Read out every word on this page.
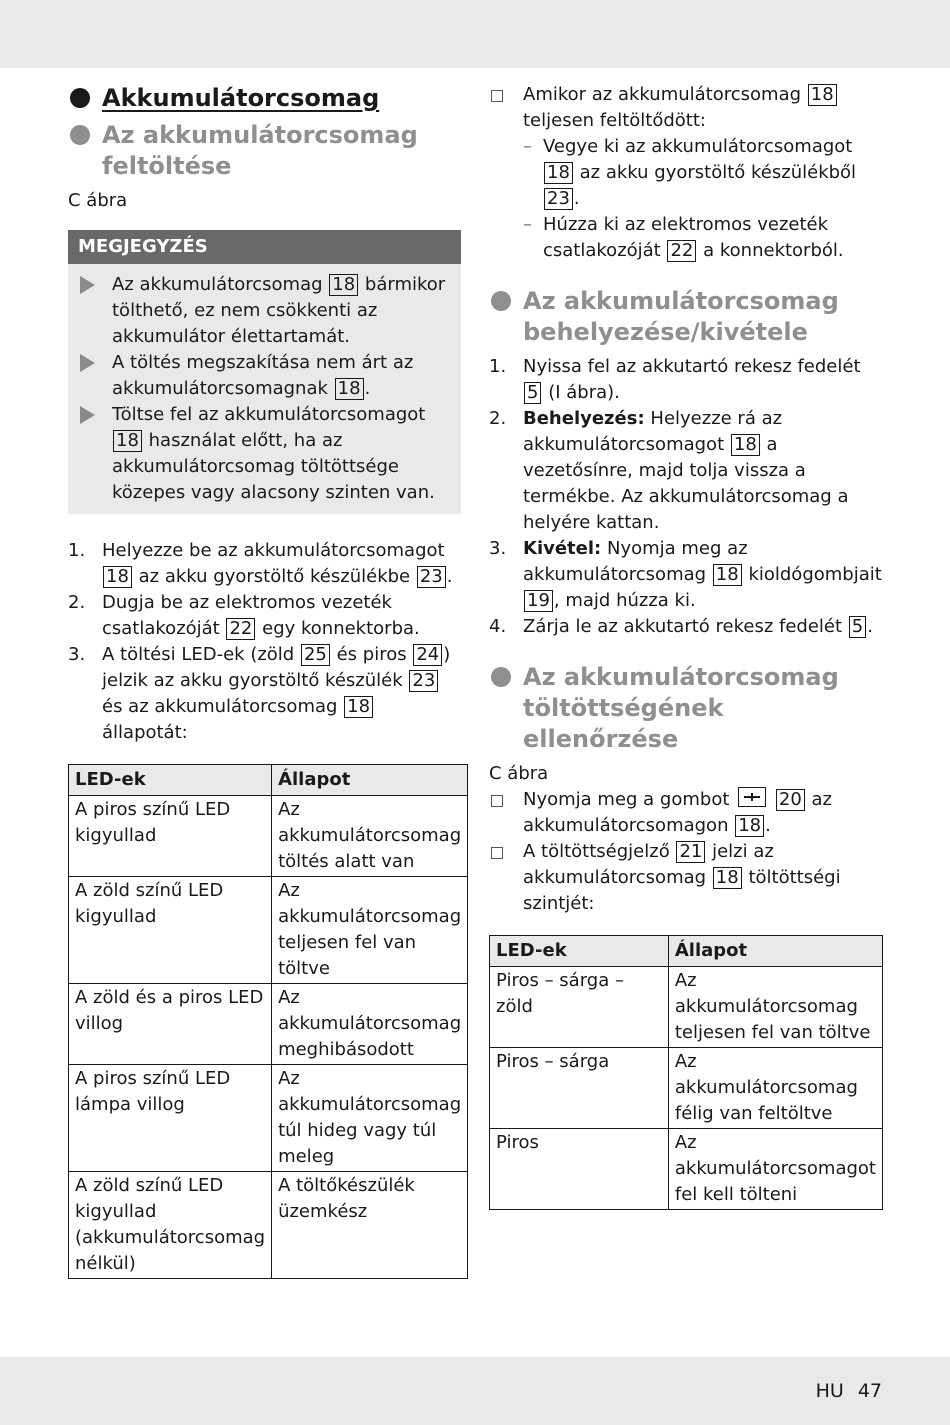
Akkumulátorcsomag
Az akkumulátorcsomag feltöltése

C ábra

MEGJEGYZÉS
Az akkumulátorcsomag 18 bármikor tölthető, ez nem csökkenti az akkumulátor élettartamát.
A töltés megszakítása nem árt az akkumulátorcsomagnak 18 .
Töltse fel az akkumulátorcsomagot 18 használat előtt, ha az akkumulátorcsomag töltöttsége közepes vagy alacsony szinten van.
1. Helyezze be az akkumulátorcsomagot 18 az akku gyorstöltő készülékbe 23 .
2. Dugja be az elektromos vezeték csatlakozóját 22 egy konnektorba.
3. A töltési LED-ek (zöld 25 és piros 24 ) jelzik az akku gyorstöltő készülék 23 és az akkumulátorcsomag 18 állapotát:
LED-ek	Állapot
A piros színű LED kigyullad	Az akkumulátorcsomag töltés alatt van
A zöld színű LED kigyullad	Az akkumulátorcsomag teljesen fel van töltve
A zöld és a piros LED villog	Az akkumulátorcsomag meghibásodott
A piros színű LED lámpa villog	Az akkumulátorcsomag túl hideg vagy túl meleg
A zöld színű LED kigyullad (akkumulátorcsomag nélkül)	A töltőkészülék üzemkész
Amikor az akkumulátorcsomag 18 teljesen feltöltődött:
– Vegye ki az akkumulátorcsomagot 18 az akku gyorstöltő készülékből 23 .
– Húzza ki az elektromos vezeték csatlakozóját 22 a konnektorból.
Az akkumulátorcsomag behelyezése/kivétele
1. Nyissa fel az akkutartó rekesz fedelét 5 (I ábra).
2. Behelyezés: Helyezze rá az akkumulátorcsomagot 18 a vezetősínre, majd tolja vissza a termékbe. Az akkumulátorcsomag a helyére kattan.
3. Kivétel: Nyomja meg az akkumulátorcsomag 18 kioldógombjait 19 , majd húzza ki.
4. Zárja le az akkutartó rekesz fedelét 5 .
Az akkumulátorcsomag töltöttségének ellenőrzése

C ábra

Nyomja meg a gombot	20 az akkumulátorcsomagon 18 .
A töltöttségjelző 21 jelzi az akkumulátorcsomag 18 töltöttségi szintjét:
LED-ek	Állapot
Piros – sárga – zöld	Az akkumulátorcsomag teljesen fel van töltve
Piros – sárga	Az akkumulátorcsomag félig van feltöltve
Piros	Az akkumulátorcsomagot fel kell tölteni
HU 47
